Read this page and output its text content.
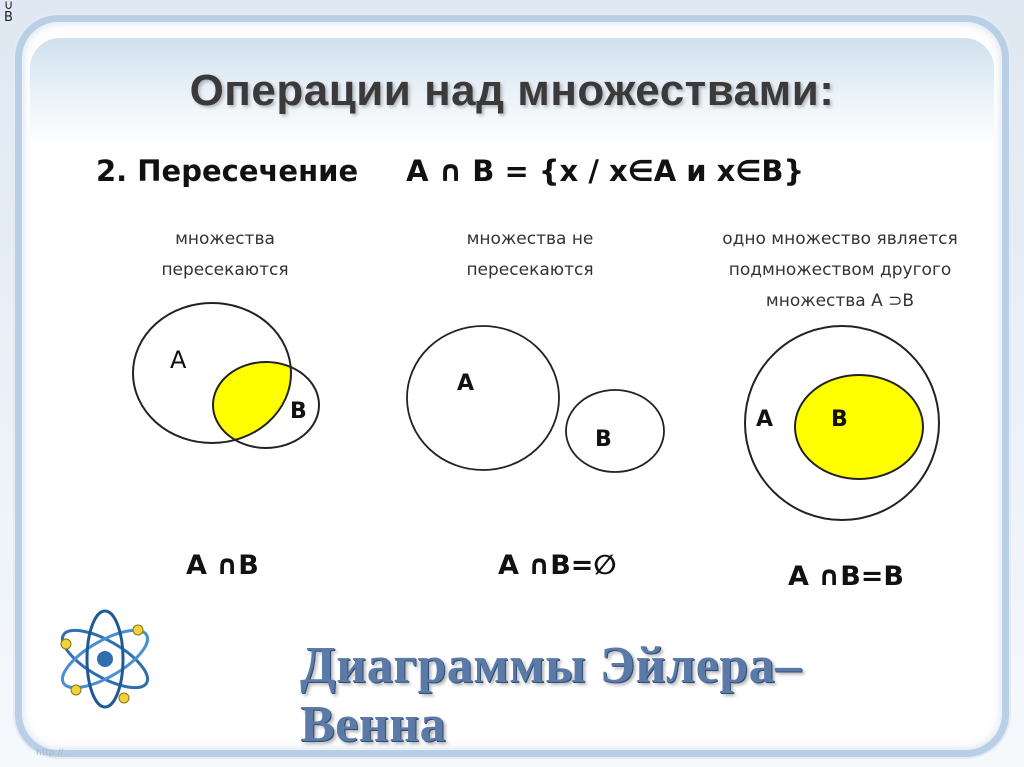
∪
B
Операции над множествами:
2. Пересечение A ∩ B = {x / x∈A и x∈B}
множества
пересекаются
множества не
пересекаются
одно множество является
подмножеством другого
множества A ⊃B
A
B
A
B
A	B
A ∩B	A ∩B=∅	A ∩B=B
Диаграммы Эйлера–Венна
http://...
